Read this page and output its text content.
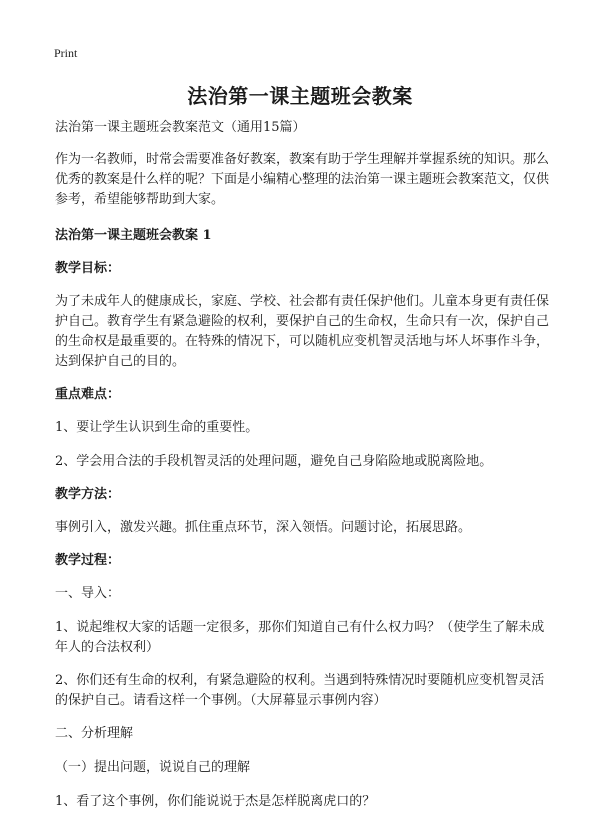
Print
法治第一课主题班会教案

法治第一课主题班会教案范文（通用15篇）

作为一名教师，时常会需要准备好教案，教案有助于学生理解并掌握系统的知识。那么优秀的教案是什么样的呢？下面是小编精心整理的法治第一课主题班会教案范文，仅供参考，希望能够帮助到大家。

法治第一课主题班会教案 1

教学目标：

为了未成年人的健康成长，家庭、学校、社会都有责任保护他们。儿童本身更有责任保护自己。教育学生有紧急避险的权利，要保护自己的生命权，生命只有一次，保护自己的生命权是最重要的。在特殊的情况下，可以随机应变机智灵活地与坏人坏事作斗争，达到保护自己的目的。

重点难点：

1、要让学生认识到生命的重要性。

2、学会用合法的手段机智灵活的处理问题，避免自己身陷险地或脱离险地。

教学方法：

事例引入，激发兴趣。抓住重点环节，深入领悟。问题讨论，拓展思路。

教学过程：

一、导入：

1、说起维权大家的话题一定很多，那你们知道自己有什么权力吗？（使学生了解未成年人的合法权利）

2、你们还有生命的权利，有紧急避险的权利。当遇到特殊情况时要随机应变机智灵活的保护自己。请看这样一个事例。（大屏幕显示事例内容）

二、分析理解

（一）提出问题，说说自己的理解

1、看了这个事例，你们能说说于杰是怎样脱离虎口的？
